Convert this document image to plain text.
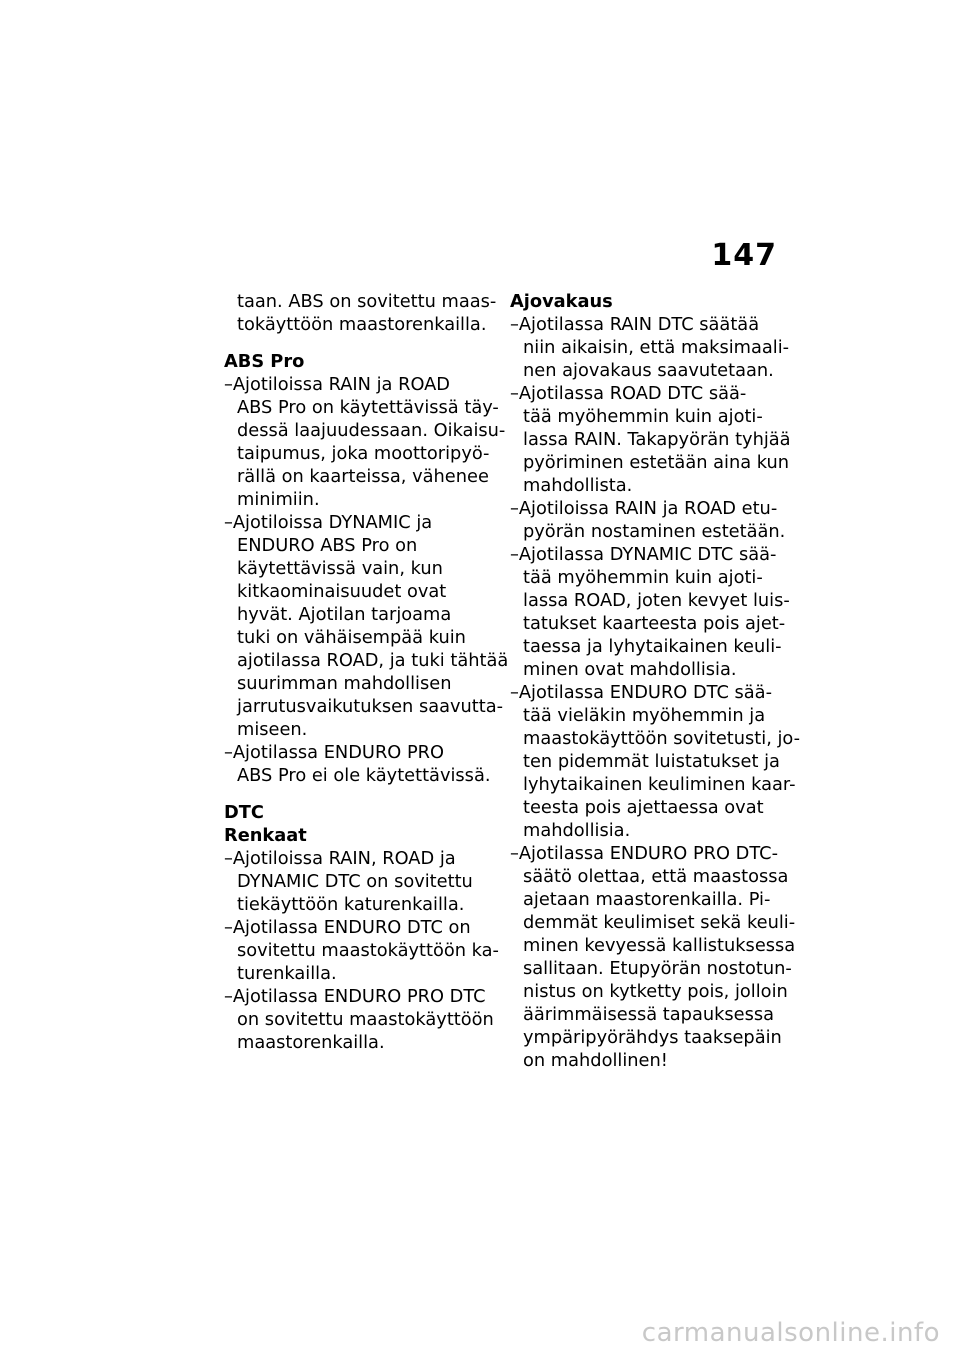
147
taan. ABS on sovitettu maas-
tokäyttöön maastorenkailla.
ABS Pro
–Ajotiloissa RAIN ja ROAD
ABS Pro on käytettävissä täy-
dessä laajuudessaan. Oikaisu-
taipumus, joka moottoripyö-
rällä on kaarteissa, vähenee
minimiin.
–Ajotiloissa DYNAMIC ja
ENDURO ABS Pro on
käytettävissä vain, kun
kitkaominaisuudet ovat
hyvät. Ajotilan tarjoama
tuki on vähäisempää kuin
ajotilassa ROAD, ja tuki tähtää
suurimman mahdollisen
jarrutusvaikutuksen saavutta-
miseen.
–Ajotilassa ENDURO PRO
ABS Pro ei ole käytettävissä.
DTC
Renkaat
–Ajotiloissa RAIN, ROAD ja
DYNAMIC DTC on sovitettu
tiekäyttöön katurenkailla.
–Ajotilassa ENDURO DTC on
sovitettu maastokäyttöön ka-
turenkailla.
–Ajotilassa ENDURO PRO DTC
on sovitettu maastokäyttöön
maastorenkailla.
Ajovakaus
–Ajotilassa RAIN DTC säätää
niin aikaisin, että maksimaali-
nen ajovakaus saavutetaan.
–Ajotilassa ROAD DTC sää-
tää myöhemmin kuin ajoti-
lassa RAIN. Takapyörän tyhjää
pyöriminen estetään aina kun
mahdollista.
–Ajotiloissa RAIN ja ROAD etu-
pyörän nostaminen estetään.
–Ajotilassa DYNAMIC DTC sää-
tää myöhemmin kuin ajoti-
lassa ROAD, joten kevyet luis-
tatukset kaarteesta pois ajet-
taessa ja lyhytaikainen keuli-
minen ovat mahdollisia.
–Ajotilassa ENDURO DTC sää-
tää vieläkin myöhemmin ja
maastokäyttöön sovitetusti, jo-
ten pidemmät luistatukset ja
lyhytaikainen keuliminen kaar-
teesta pois ajettaessa ovat
mahdollisia.
–Ajotilassa ENDURO PRO DTC-
säätö olettaa, että maastossa
ajetaan maastorenkailla. Pi-
demmät keulimiset sekä keuli-
minen kevyessä kallistuksessa
sallitaan. Etupyörän nostotun-
nistus on kytketty pois, jolloin
äärimmäisessä tapauksessa
ympäripyörähdys taaksepäin
on mahdollinen!
carmanualsonline.info
